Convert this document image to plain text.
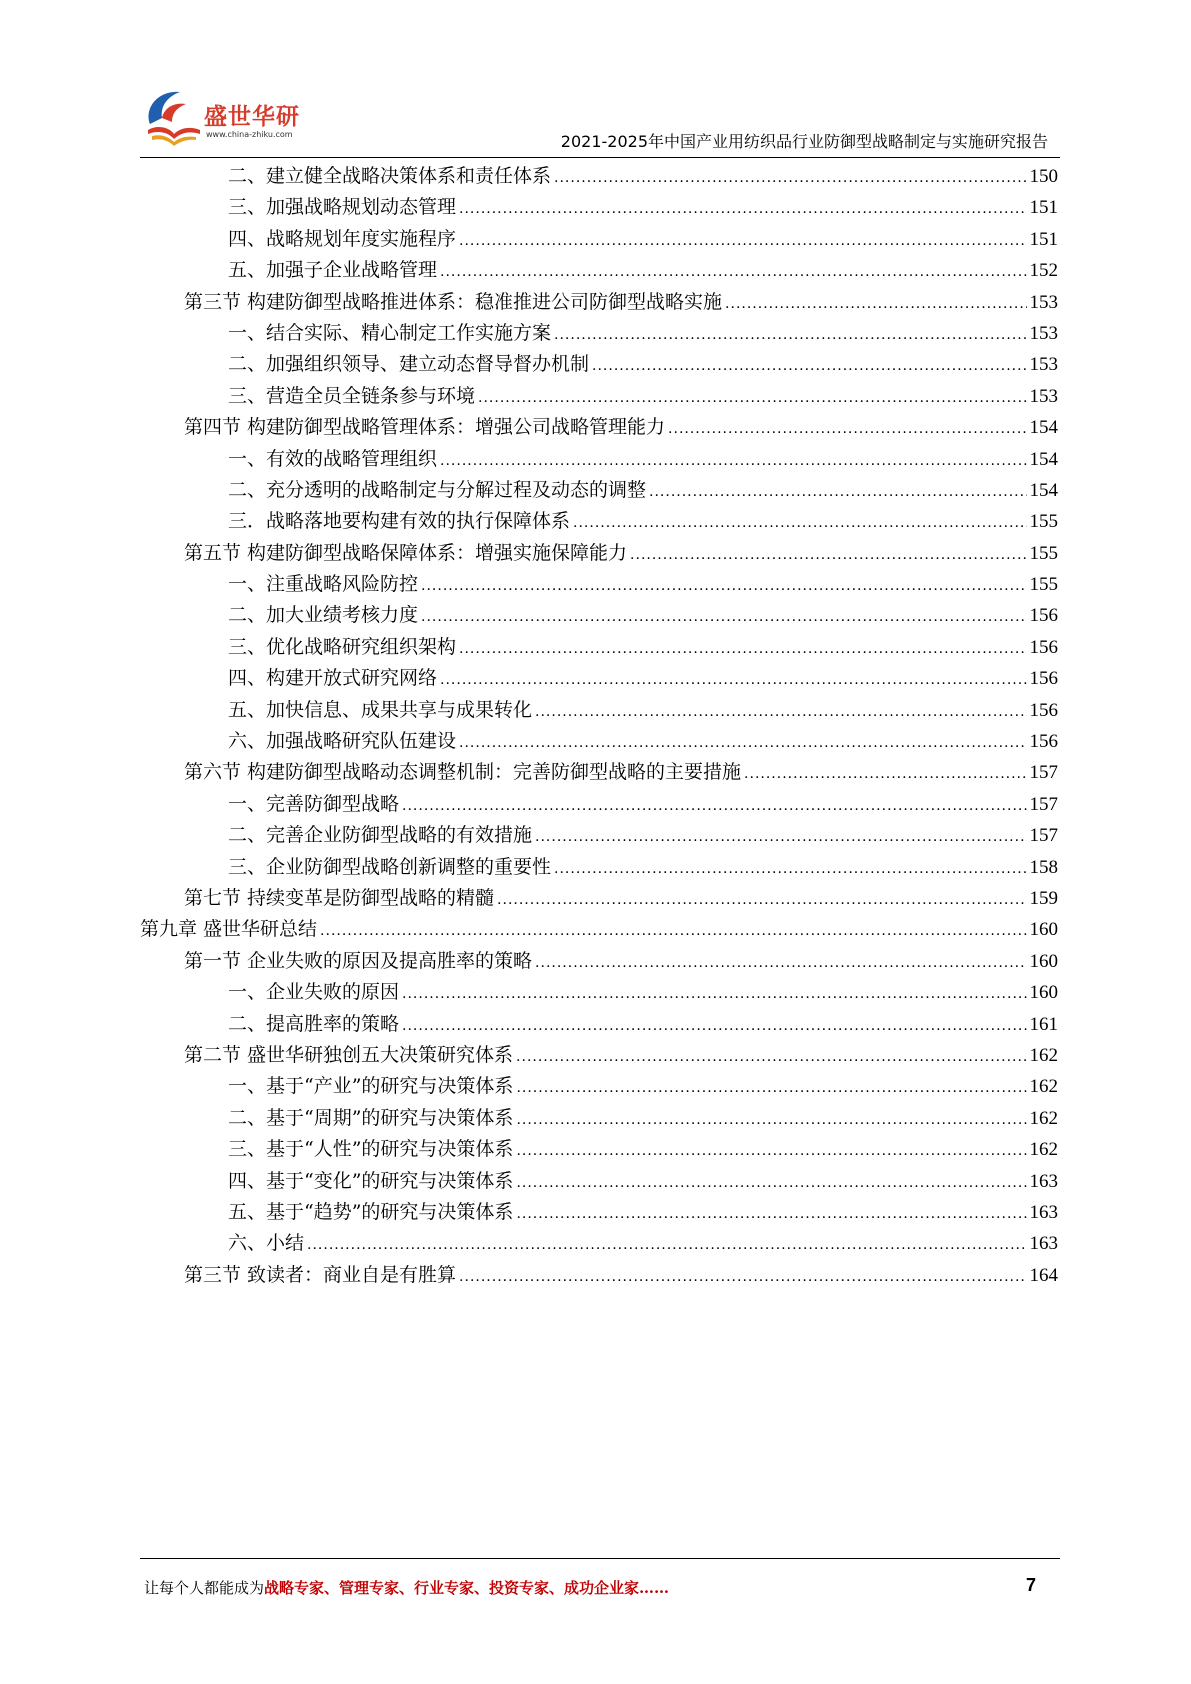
盛世华研
www.china-zhiku.com	2021-2025年中国产业用纺织品行业防御型战略制定与实施研究报告
二、建立健全战略决策体系和责任体系 .....	150
三、加强战略规划动态管理 .....	151
四、战略规划年度实施程序 .....	151
五、加强子企业战略管理 .....	152
第三节 构建防御型战略推进体系：稳准推进公司防御型战略实施 .....	153
一、结合实际、精心制定工作实施方案 .....	153
二、加强组织领导、建立动态督导督办机制 .....	153
三、营造全员全链条参与环境 .....	153
第四节 构建防御型战略管理体系：增强公司战略管理能力 .....	154
一、有效的战略管理组织 .....	154
二、充分透明的战略制定与分解过程及动态的调整 .....	154
三．战略落地要构建有效的执行保障体系 .....	155
第五节 构建防御型战略保障体系：增强实施保障能力 .....	155
一、注重战略风险防控 .....	155
二、加大业绩考核力度 .....	156
三、优化战略研究组织架构 .....	156
四、构建开放式研究网络 .....	156
五、加快信息、成果共享与成果转化 .....	156
六、加强战略研究队伍建设 .....	156
第六节 构建防御型战略动态调整机制：完善防御型战略的主要措施 .....	157
一、完善防御型战略 .....	157
二、完善企业防御型战略的有效措施 .....	157
三、企业防御型战略创新调整的重要性 .....	158
第七节 持续变革是防御型战略的精髓 .....	159
第九章 盛世华研总结 .....	160
第一节 企业失败的原因及提高胜率的策略 .....	160
一、企业失败的原因 .....	160
二、提高胜率的策略 .....	161
第二节 盛世华研独创五大决策研究体系 .....	162
一、基于“产业”的研究与决策体系 .....	162
二、基于“周期”的研究与决策体系 .....	162
三、基于“人性”的研究与决策体系 .....	162
四、基于“变化”的研究与决策体系 .....	163
五、基于“趋势”的研究与决策体系 .....	163
六、小结 .....	163
第三节 致读者：商业自是有胜算 .....	164
让每个人都能成为战略专家、管理专家、行业专家、投资专家、成功企业家……	7
